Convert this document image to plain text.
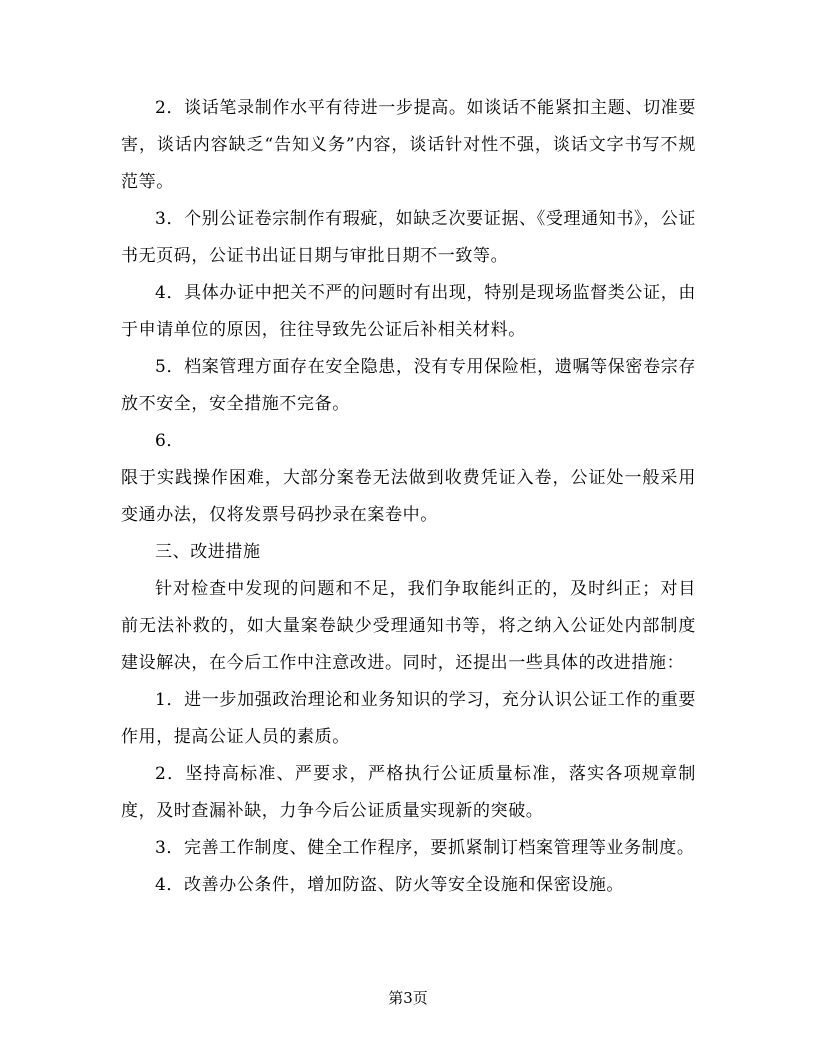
2．谈话笔录制作水平有待进一步提高。如谈话不能紧扣主题、切准要害，谈话内容缺乏“告知义务”内容，谈话针对性不强，谈话文字书写不规范等。

3．个别公证卷宗制作有瑕疵，如缺乏次要证据、《受理通知书》，公证书无页码，公证书出证日期与审批日期不一致等。

4．具体办证中把关不严的问题时有出现，特别是现场监督类公证，由于申请单位的原因，往往导致先公证后补相关材料。

5．档案管理方面存在安全隐患，没有专用保险柜，遗嘱等保密卷宗存放不安全，安全措施不完备。

6．

限于实践操作困难，大部分案卷无法做到收费凭证入卷，公证处一般采用变通办法，仅将发票号码抄录在案卷中。

三、改进措施

针对检查中发现的问题和不足，我们争取能纠正的，及时纠正；对目前无法补救的，如大量案卷缺少受理通知书等，将之纳入公证处内部制度建设解决，在今后工作中注意改进。同时，还提出一些具体的改进措施：

1．进一步加强政治理论和业务知识的学习，充分认识公证工作的重要作用，提高公证人员的素质。

2．坚持高标准、严要求，严格执行公证质量标准，落实各项规章制度，及时查漏补缺，力争今后公证质量实现新的突破。

3．完善工作制度、健全工作程序，要抓紧制订档案管理等业务制度。

4．改善办公条件，增加防盗、防火等安全设施和保密设施。

第3页
